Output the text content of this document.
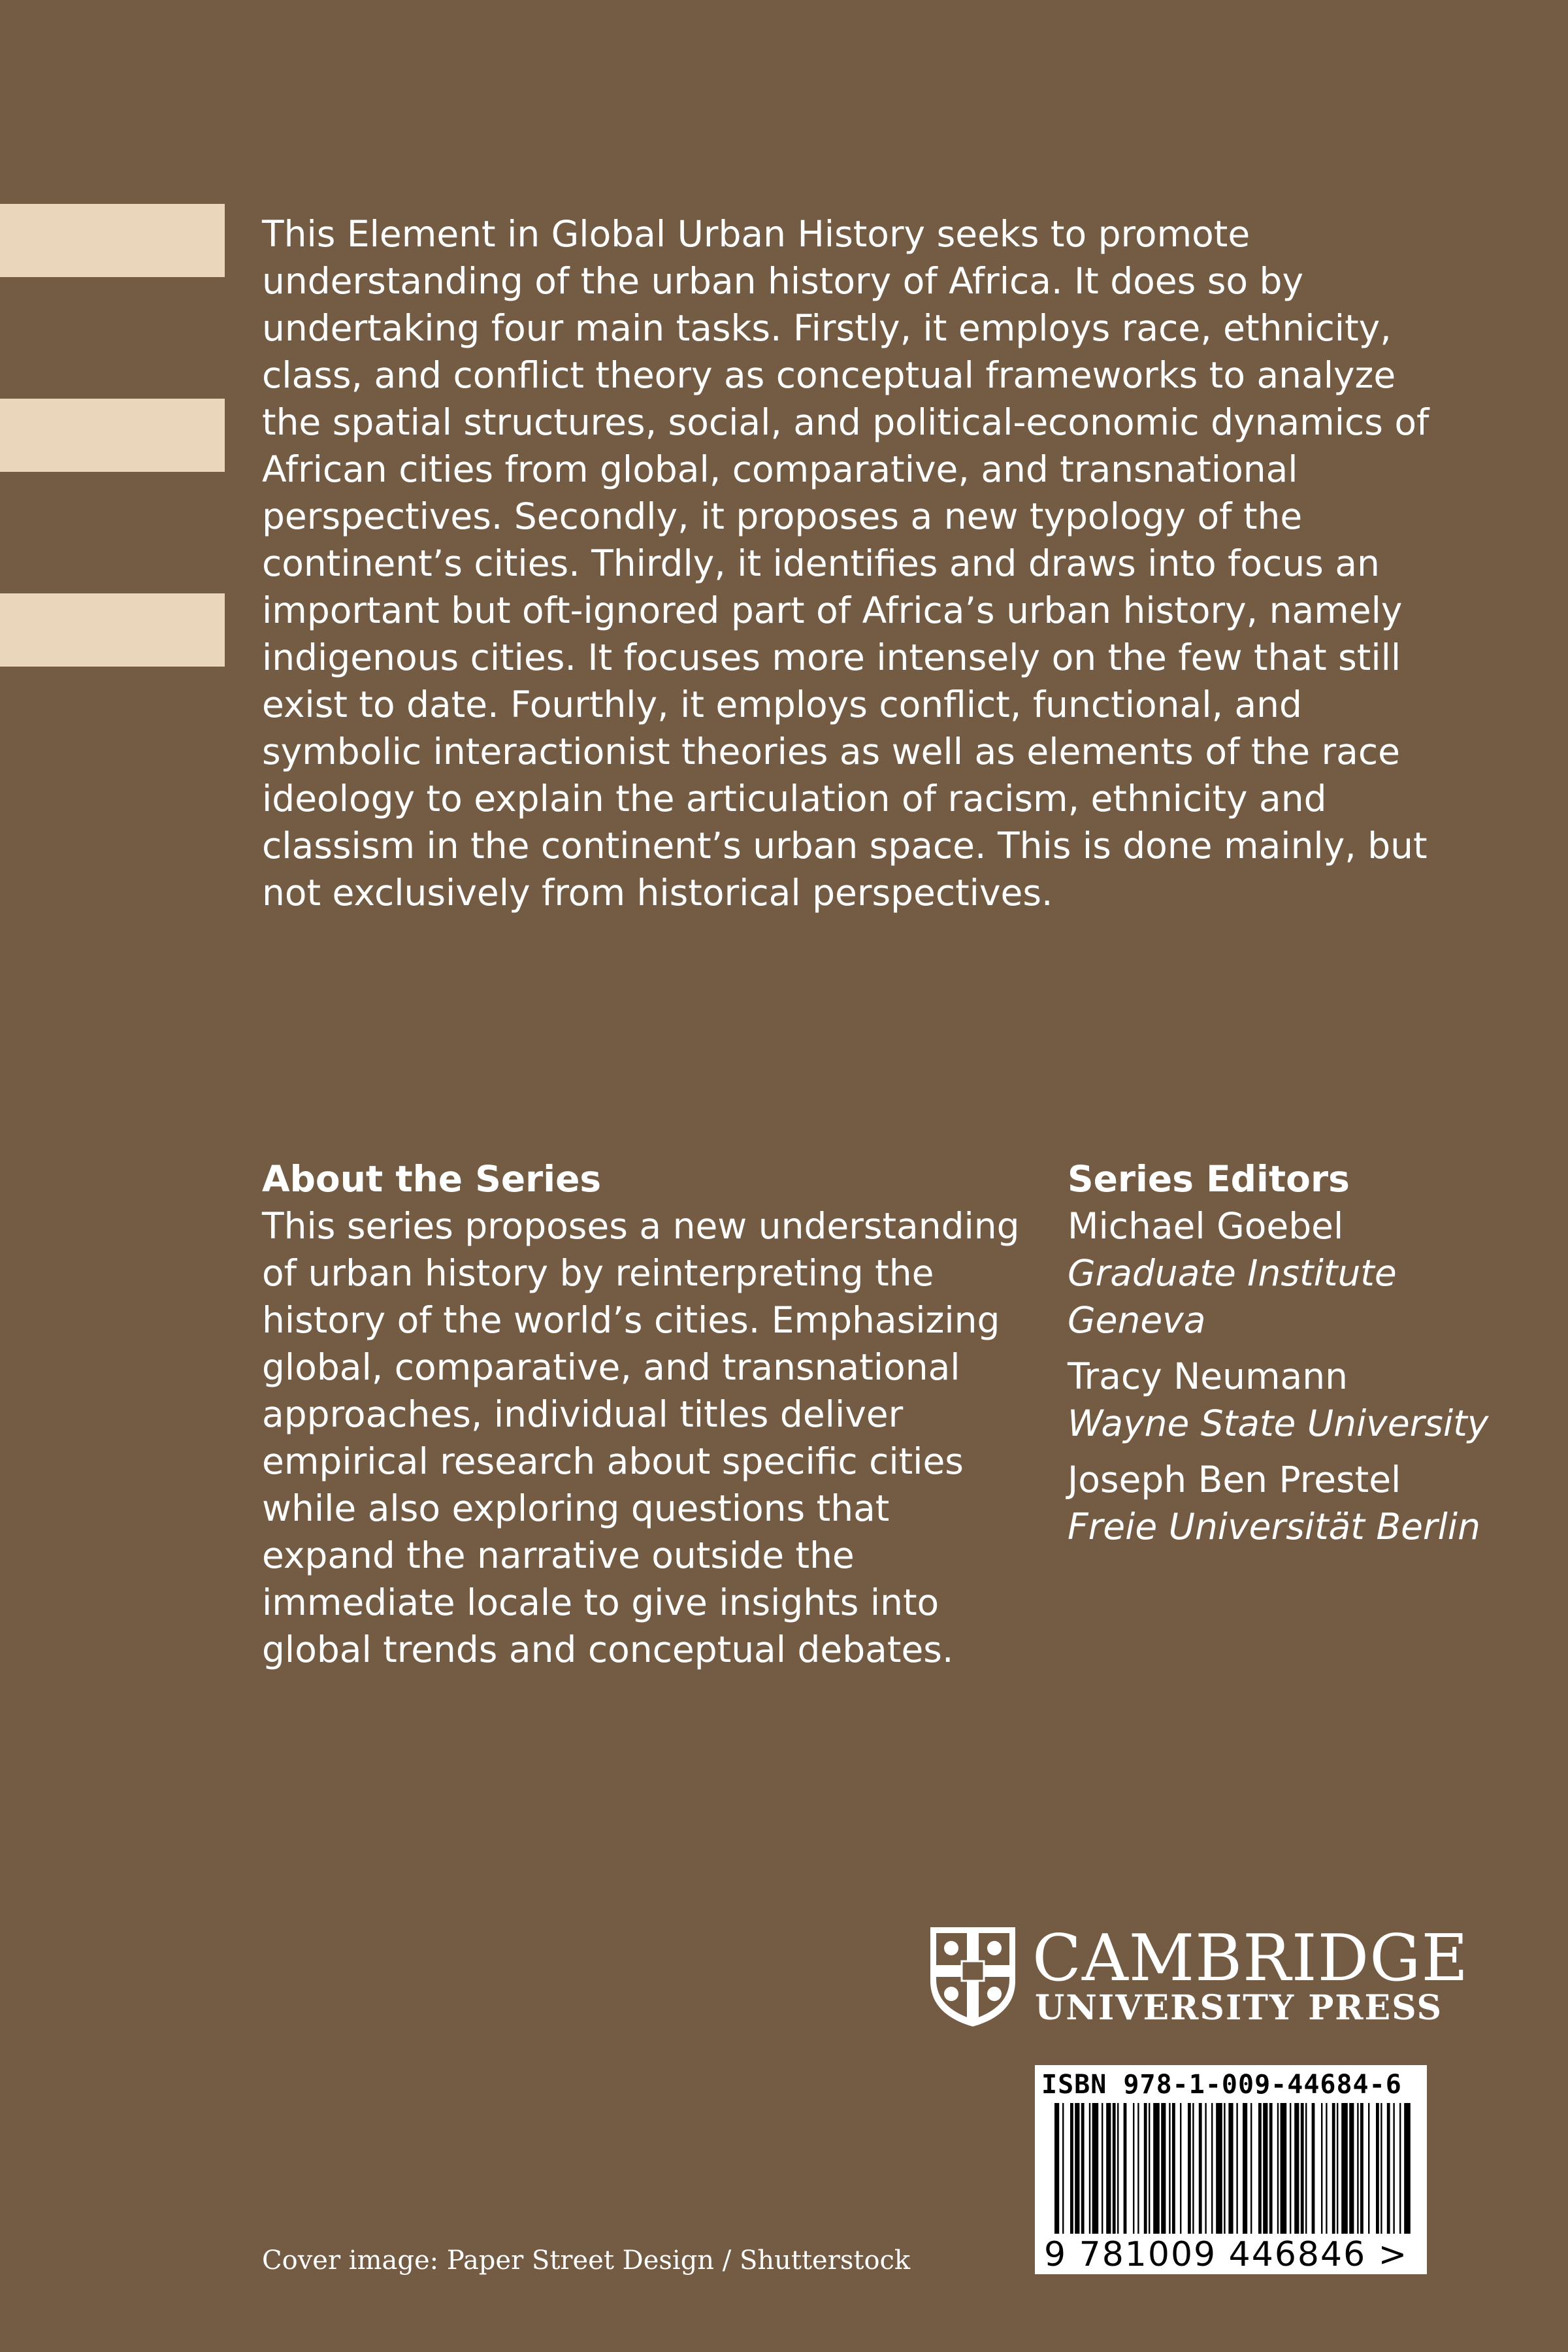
This Element in Global Urban History seeks to promote understanding of the urban history of Africa. It does so by undertaking four main tasks. Firstly, it employs race, ethnicity, class, and conflict theory as conceptual frameworks to analyze the spatial structures, social, and political-economic dynamics of African cities from global, comparative, and transnational perspectives. Secondly, it proposes a new typology of the continent’s cities. Thirdly, it identifies and draws into focus an important but oft-ignored part of Africa’s urban history, namely indigenous cities. It focuses more intensely on the few that still exist to date. Fourthly, it employs conflict, functional, and symbolic interactionist theories as well as elements of the race ideology to explain the articulation of racism, ethnicity and classism in the continent’s urban space. This is done mainly, but not exclusively from historical perspectives.

About the Series

This series proposes a new understanding of urban history by reinterpreting the history of the world’s cities. Emphasizing global, comparative, and transnational approaches, individual titles deliver empirical research about specific cities while also exploring questions that expand the narrative outside the immediate locale to give insights into global trends and conceptual debates.

Series Editors
Michael Goebel
Graduate Institute Geneva
Tracy Neumann
Wayne State University
Joseph Ben Prestel
Freie Universität Berlin
CAMBRIDGE
UNIVERSITY PRESS
ISBN 978-1-009-44684-6
9 781009 446846 >
Cover image: Paper Street Design / Shutterstock
